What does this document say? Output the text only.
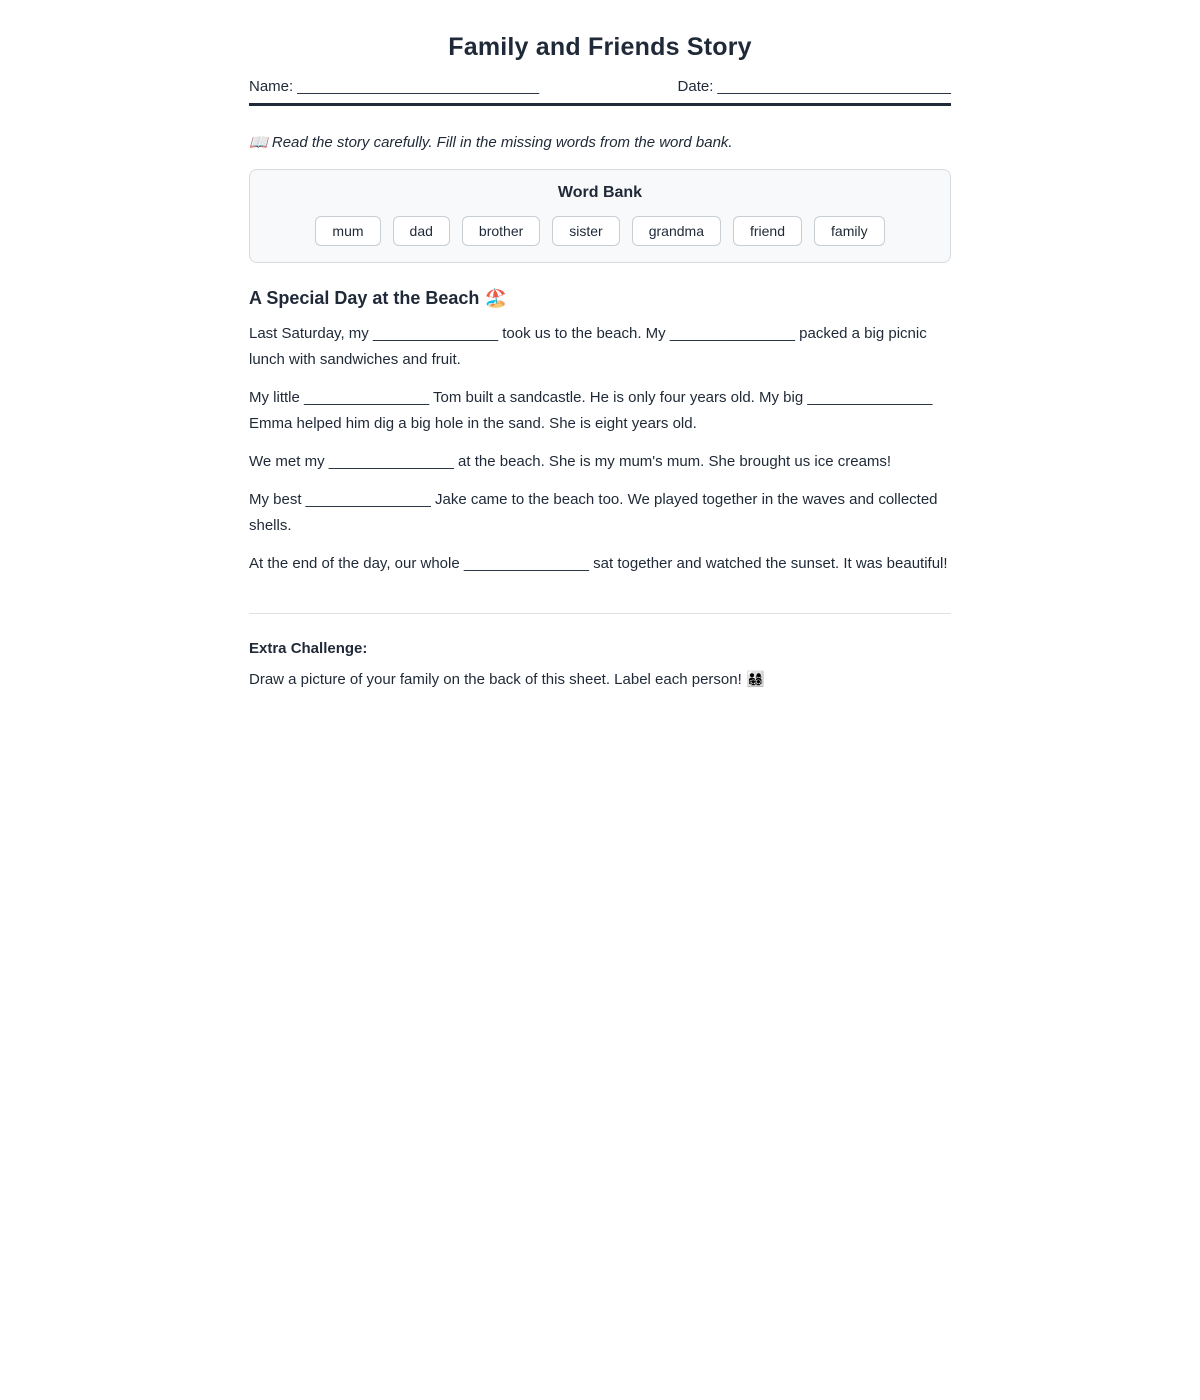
Family and Friends Story
Name: _____________________________	Date: ____________________________

📖 Read the story carefully. Fill in the missing words from the word bank.

Word Bank
mum	dad	brother	sister	grandma	friend	family
A Special Day at the Beach 🏖️

Last Saturday, my _______________ took us to the beach. My _______________ packed a big picnic lunch with sandwiches and fruit.

My little _______________ Tom built a sandcastle. He is only four years old. My big _______________ Emma helped him dig a big hole in the sand. She is eight years old.

We met my _______________ at the beach. She is my mum's mum. She brought us ice creams!

My best _______________ Jake came to the beach too. We played together in the waves and collected shells.

At the end of the day, our whole _______________ sat together and watched the sunset. It was beautiful!

Extra Challenge:

Draw a picture of your family on the back of this sheet. Label each person! 👨‍👩‍👧‍👦
